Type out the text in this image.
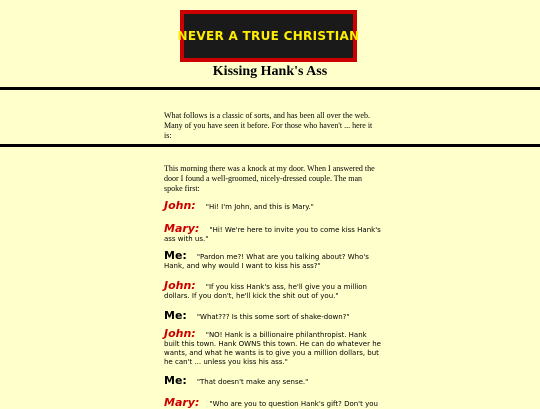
NEVER A TRUE CHRISTIAN
Kissing Hank's Ass
What follows is a classic of sorts, and has been all over the web. Many of you have seen it before. For those who haven't ... here it is:
This morning there was a knock at my door. When I answered the door I found a well-groomed, nicely-dressed couple. The man spoke first:
John: "Hi! I'm John, and this is Mary."
Mary: "Hi! We're here to invite you to come kiss Hank's ass with us."
Me: "Pardon me?! What are you talking about? Who's Hank, and why would I want to kiss his ass?"
John: "If you kiss Hank's ass, he'll give you a million dollars. If you don't, he'll kick the shit out of you."
Me: "What??? Is this some sort of shake-down?"
John: "NO! Hank is a billionaire philanthropist. Hank built this town. Hank OWNS this town. He can do whatever he wants, and what he wants is to give you a million dollars, but he can't ... unless you kiss his ass."
Me: "That doesn't make any sense."
Mary: "Who are you to question Hank's gift? Don't you
